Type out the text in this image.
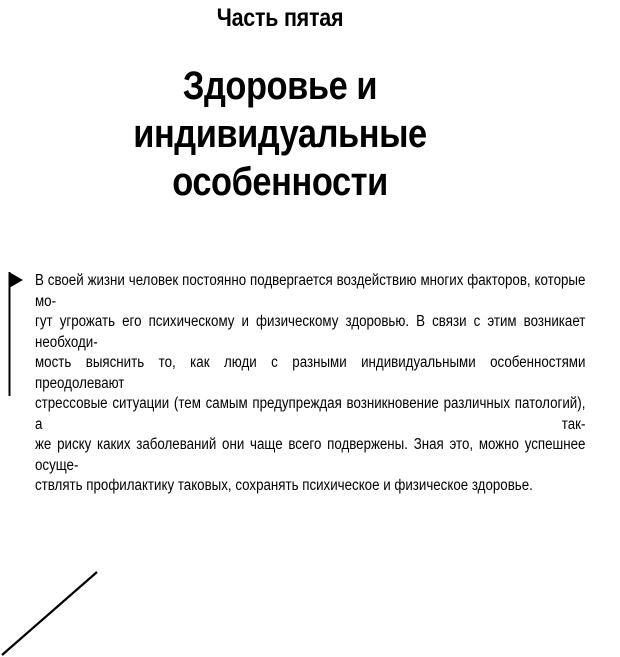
Часть пятая
Здоровье и индивидуальные
особенности

В своей жизни человек постоянно подвергается воздействию многих факторов, которые мо-
гут угрожать его психическому и физическому здоровью. В связи с этим возникает необходи-
мость выяснить то, как люди с разными индивидуальными особенностями преодолевают
стрессовые ситуации (тем самым предупреждая возникновение различных патологий), а так-
же риску каких заболеваний они чаще всего подвержены. Зная это, можно успешнее осуще-
ствлять профилактику таковых, сохранять психическое и физическое здоровье.
